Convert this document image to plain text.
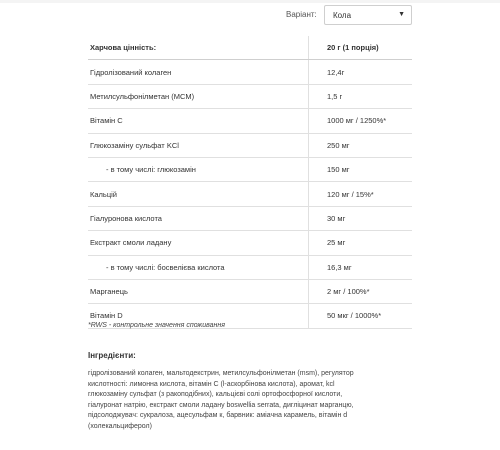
Варіант: Кола	▼
Харчова цінність:	20 г (1 порція)
Гідролізований колаген	12,4г
Метилсульфонілметан (MCM)	1,5 г
Вітамін C	1000 мг / 1250%*
Глюкозаміну сульфат KCl	250 мг
- в тому числі: глюкозамін	150 мг
Кальцій	120 мг / 15%*
Гіалуронова кислота	30 мг
Екстракт смоли ладану	25 мг
- в тому числі: босвелієва кислота	16,3 мг
Марганець	2 мг / 100%*
Вітамін D	50 мкг / 1000%*
*RWS - контрольне значення споживання
Інгредієнти:
гідролізований колаген, мальтодекстрин, метилсульфонілметан (msm), регулятор
кислотності: лимонна кислота, вітамін С (l-аскорбінова кислота), аромат, kcl
глюкозаміну сульфат (з ракоподібних), кальцієві солі ортофосфорної кислоти,
гіалуронат натрію, екстракт смоли ладану boswellia serrata, дигліцинат марганцю,
підсолоджувач: сукралоза, ацесульфам к, барвник: аміачна карамель, вітамін d
(холекальциферол)
